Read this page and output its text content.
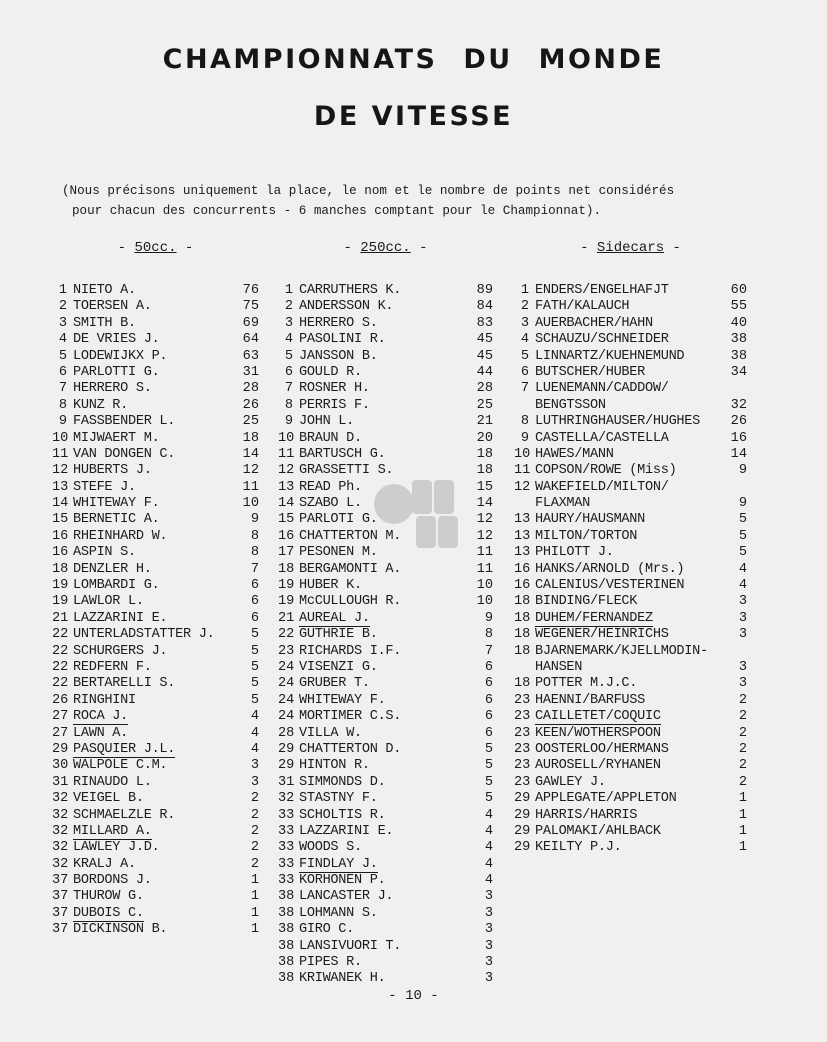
CHAMPIONNATS DU MONDE
DE VITESSE
(Nous précisons uniquement la place, le nom et le nombre de points net considérés
pour chacun des concurrents - 6 manches comptant pour le Championnat).
- 50cc. -
1 NIETO A.	76
2 TOERSEN A.	75
3 SMITH B.	69
4 DE VRIES J.	64
5 LODEWIJKX P.	63
6 PARLOTTI G.	31
7 HERRERO S.	28
8 KUNZ R.	26
9 FASSBENDER L.	25
10 MIJWAERT M.	18
11 VAN DONGEN C.	14
12 HUBERTS J.	12
13 STEFE J.	11
14 WHITEWAY F.	10
15 BERNETIC A.	9
16 RHEINHARD W.	8
16 ASPIN S.	8
18 DENZLER H.	7
19 LOMBARDI G.	6
19 LAWLOR L.	6
21 LAZZARINI E.	6
22 UNTERLADSTATTER J.	5
22 SCHURGERS J.	5
22 REDFERN F.	5
22 BERTARELLI S.	5
26 RINGHINI	5
27 ROCA J.	4
27 LAWN A.	4
29 PASQUIER J.L.	4
30 WALPOLE C.M.	3
31 RINAUDO L.	3
32 VEIGEL B.	2
32 SCHMAELZLE R.	2
32 MILLARD A.	2
32 LAWLEY J.D.	2
32 KRALJ A.	2
37 BORDONS J.	1
37 THUROW G.	1
37 DUBOIS C.	1
37 DICKINSON B.	1
- 250cc. -
1 CARRUTHERS K.	89
2 ANDERSSON K.	84
3 HERRERO S.	83
4 PASOLINI R.	45
5 JANSSON B.	45
6 GOULD R.	44
7 ROSNER H.	28
8 PERRIS F.	25
9 JOHN L.	21
10 BRAUN D.	20
11 BARTUSCH G.	18
12 GRASSETTI S.	18
13 READ Ph.	15
14 SZABO L.	14
15 PARLOTI G.	12
16 CHATTERTON M.	12
17 PESONEN M.	11
18 BERGAMONTI A.	11
19 HUBER K.	10
19 McCULLOUGH R.	10
21 AUREAL J.	9
22 GUTHRIE B.	8
23 RICHARDS I.F.	7
24 VISENZI G.	6
24 GRUBER T.	6
24 WHITEWAY F.	6
24 MORTIMER C.S.	6
28 VILLA W.	6
29 CHATTERTON D.	5
29 HINTON R.	5
31 SIMMONDS D.	5
32 STASTNY F.	5
33 SCHOLTIS R.	4
33 LAZZARINI E.	4
33 WOODS S.	4
33 FINDLAY J.	4
33 KORHONEN P.	4
38 LANCASTER J.	3
38 LOHMANN S.	3
38 GIRO C.	3
38 LANSIVUORI T.	3
38 PIPES R.	3
38 KRIWANEK H.	3
- Sidecars -
1 ENDERS/ENGELHAFJT	60
2 FATH/KALAUCH	55
3 AUERBACHER/HAHN	40
4 SCHAUZU/SCHNEIDER	38
5 LINNARTZ/KUEHNEMUND	38
6 BUTSCHER/HUBER	34
7 LUENEMANN/CADDOW/
BENGTSSON	32
8 LUTHRINGHAUSER/HUGHES 26
9 CASTELLA/CASTELLA	16
10 HAWES/MANN	14
11 COPSON/ROWE (Miss)	9
12 WAKEFIELD/MILTON/
FLAXMAN	9
13 HAURY/HAUSMANN	5
13 MILTON/TORTON	5
13 PHILOTT J.	5
16 HANKS/ARNOLD (Mrs.)	4
16 CALENIUS/VESTERINEN	4
18 BINDING/FLECK	3
18 DUHEM/FERNANDEZ	3
18 WEGENER/HEINRICHS	3
18 BJARNEMARK/KJELLMODIN-
HANSEN	3
18 POTTER M.J.C.	3
23 HAENNI/BARFUSS	2
23 CAILLETET/COQUIC	2
23 KEEN/WOTHERSPOON	2
23 OOSTERLOO/HERMANS	2
23 AUROSELL/RYHANEN	2
23 GAWLEY J.	2
29 APPLEGATE/APPLETON	1
29 HARRIS/HARRIS	1
29 PALOMAKI/AHLBACK	1
29 KEILTY P.J.	1
- 10 -
